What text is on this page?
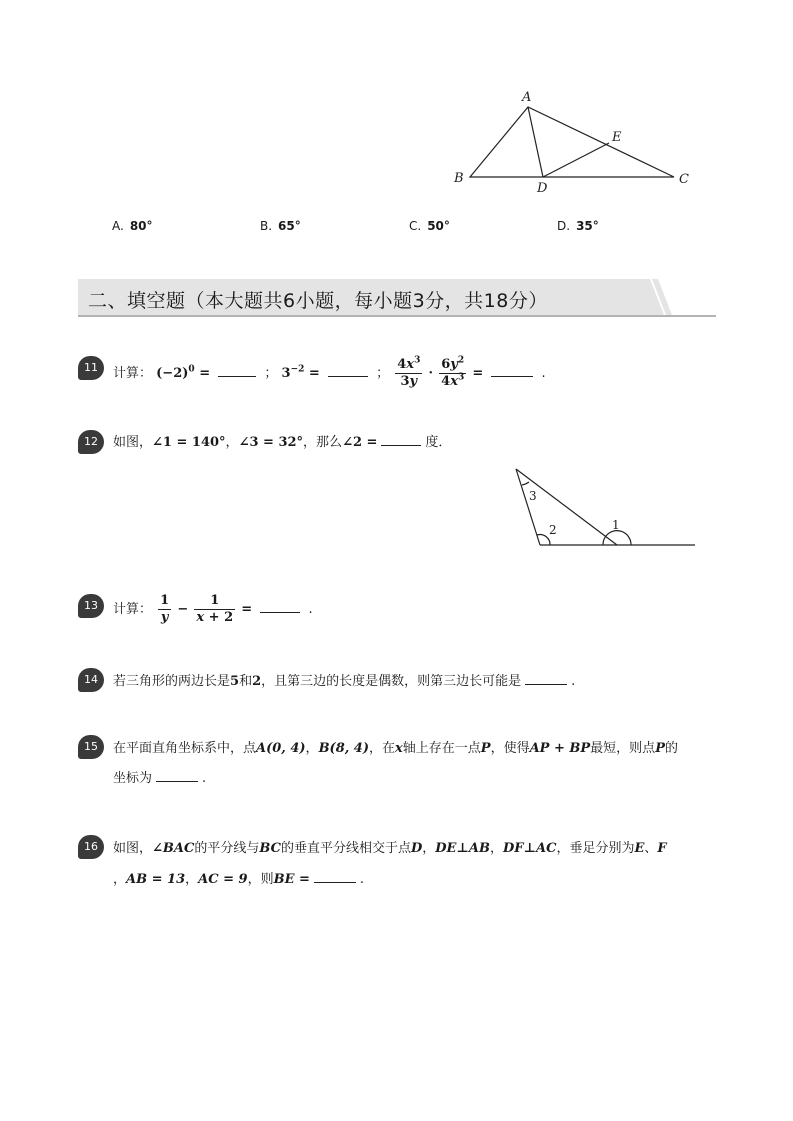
A
B	C
D
E
A. 80°	B. 65°	C. 50°	D. 35°
二、填空题（本大题共6小题，每小题3分，共18分）
11	计算： $(-2)^0$ =	； $3^{-2}$ =	； $\frac{4x^3}{3y} \cdot \frac{6y^2}{4x^3}$ =	.
12	如图，∠1 = 140°，∠3 = 32°，那么∠2 =	度．
3
2	1
13	计算： $\frac{1}{y} - \frac{1}{x + 2}$ =	.
14	若三角形的两边长是5和2，且第三边的长度是偶数，则第三边长可能是	.
15	在平面直角坐标系中，点A(0, 4)，B(8, 4)，在x轴上存在一点P，使得AP + BP最短，则点P的
坐标为	.
16	如图，∠BAC的平分线与BC的垂直平分线相交于点D，DE⊥AB，DF⊥AC，垂足分别为E、F
，AB = 13，AC = 9，则BE =	.
